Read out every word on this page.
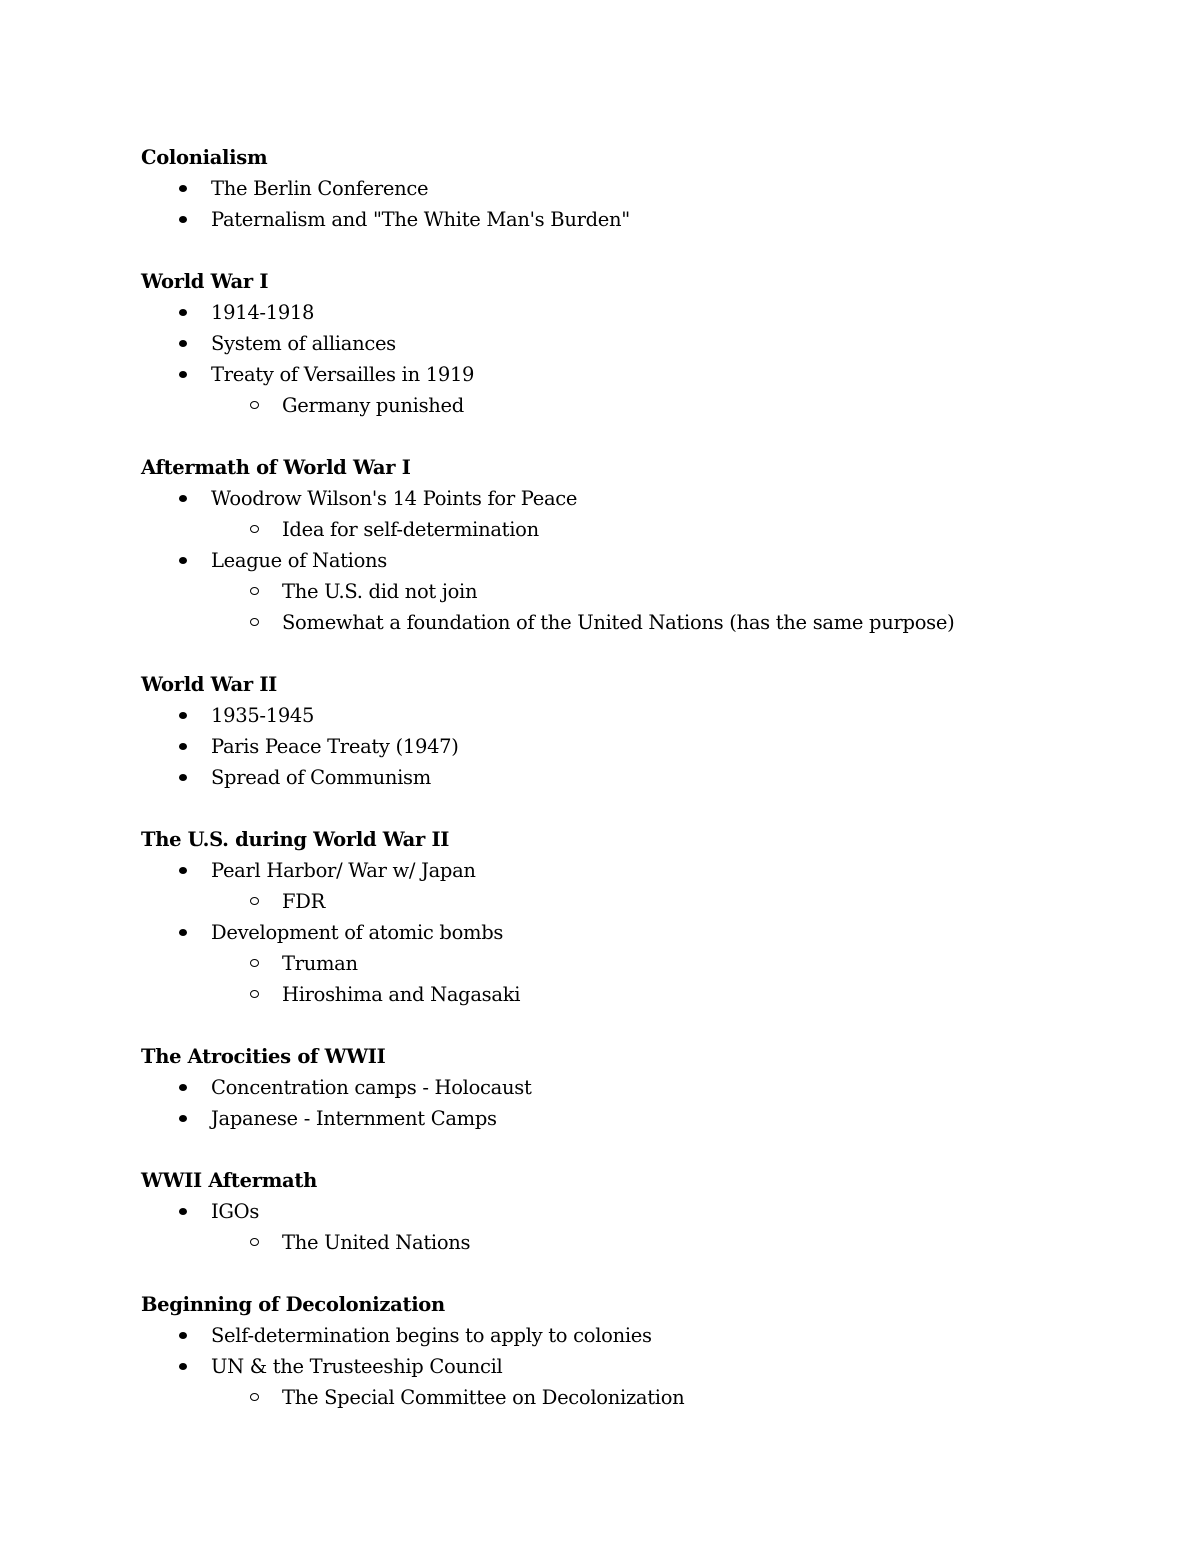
Colonialism
The Berlin Conference
Paternalism and "The White Man's Burden"
World War I
1914-1918
System of alliances
Treaty of Versailles in 1919
Germany punished
Aftermath of World War I
Woodrow Wilson's 14 Points for Peace
Idea for self-determination
League of Nations
The U.S. did not join
Somewhat a foundation of the United Nations (has the same purpose)
World War II
1935-1945
Paris Peace Treaty (1947)
Spread of Communism
The U.S. during World War II
Pearl Harbor/ War w/ Japan
FDR
Development of atomic bombs
Truman
Hiroshima and Nagasaki
The Atrocities of WWII
Concentration camps - Holocaust
Japanese - Internment Camps
WWII Aftermath
IGOs
The United Nations
Beginning of Decolonization
Self-determination begins to apply to colonies
UN & the Trusteeship Council
The Special Committee on Decolonization
